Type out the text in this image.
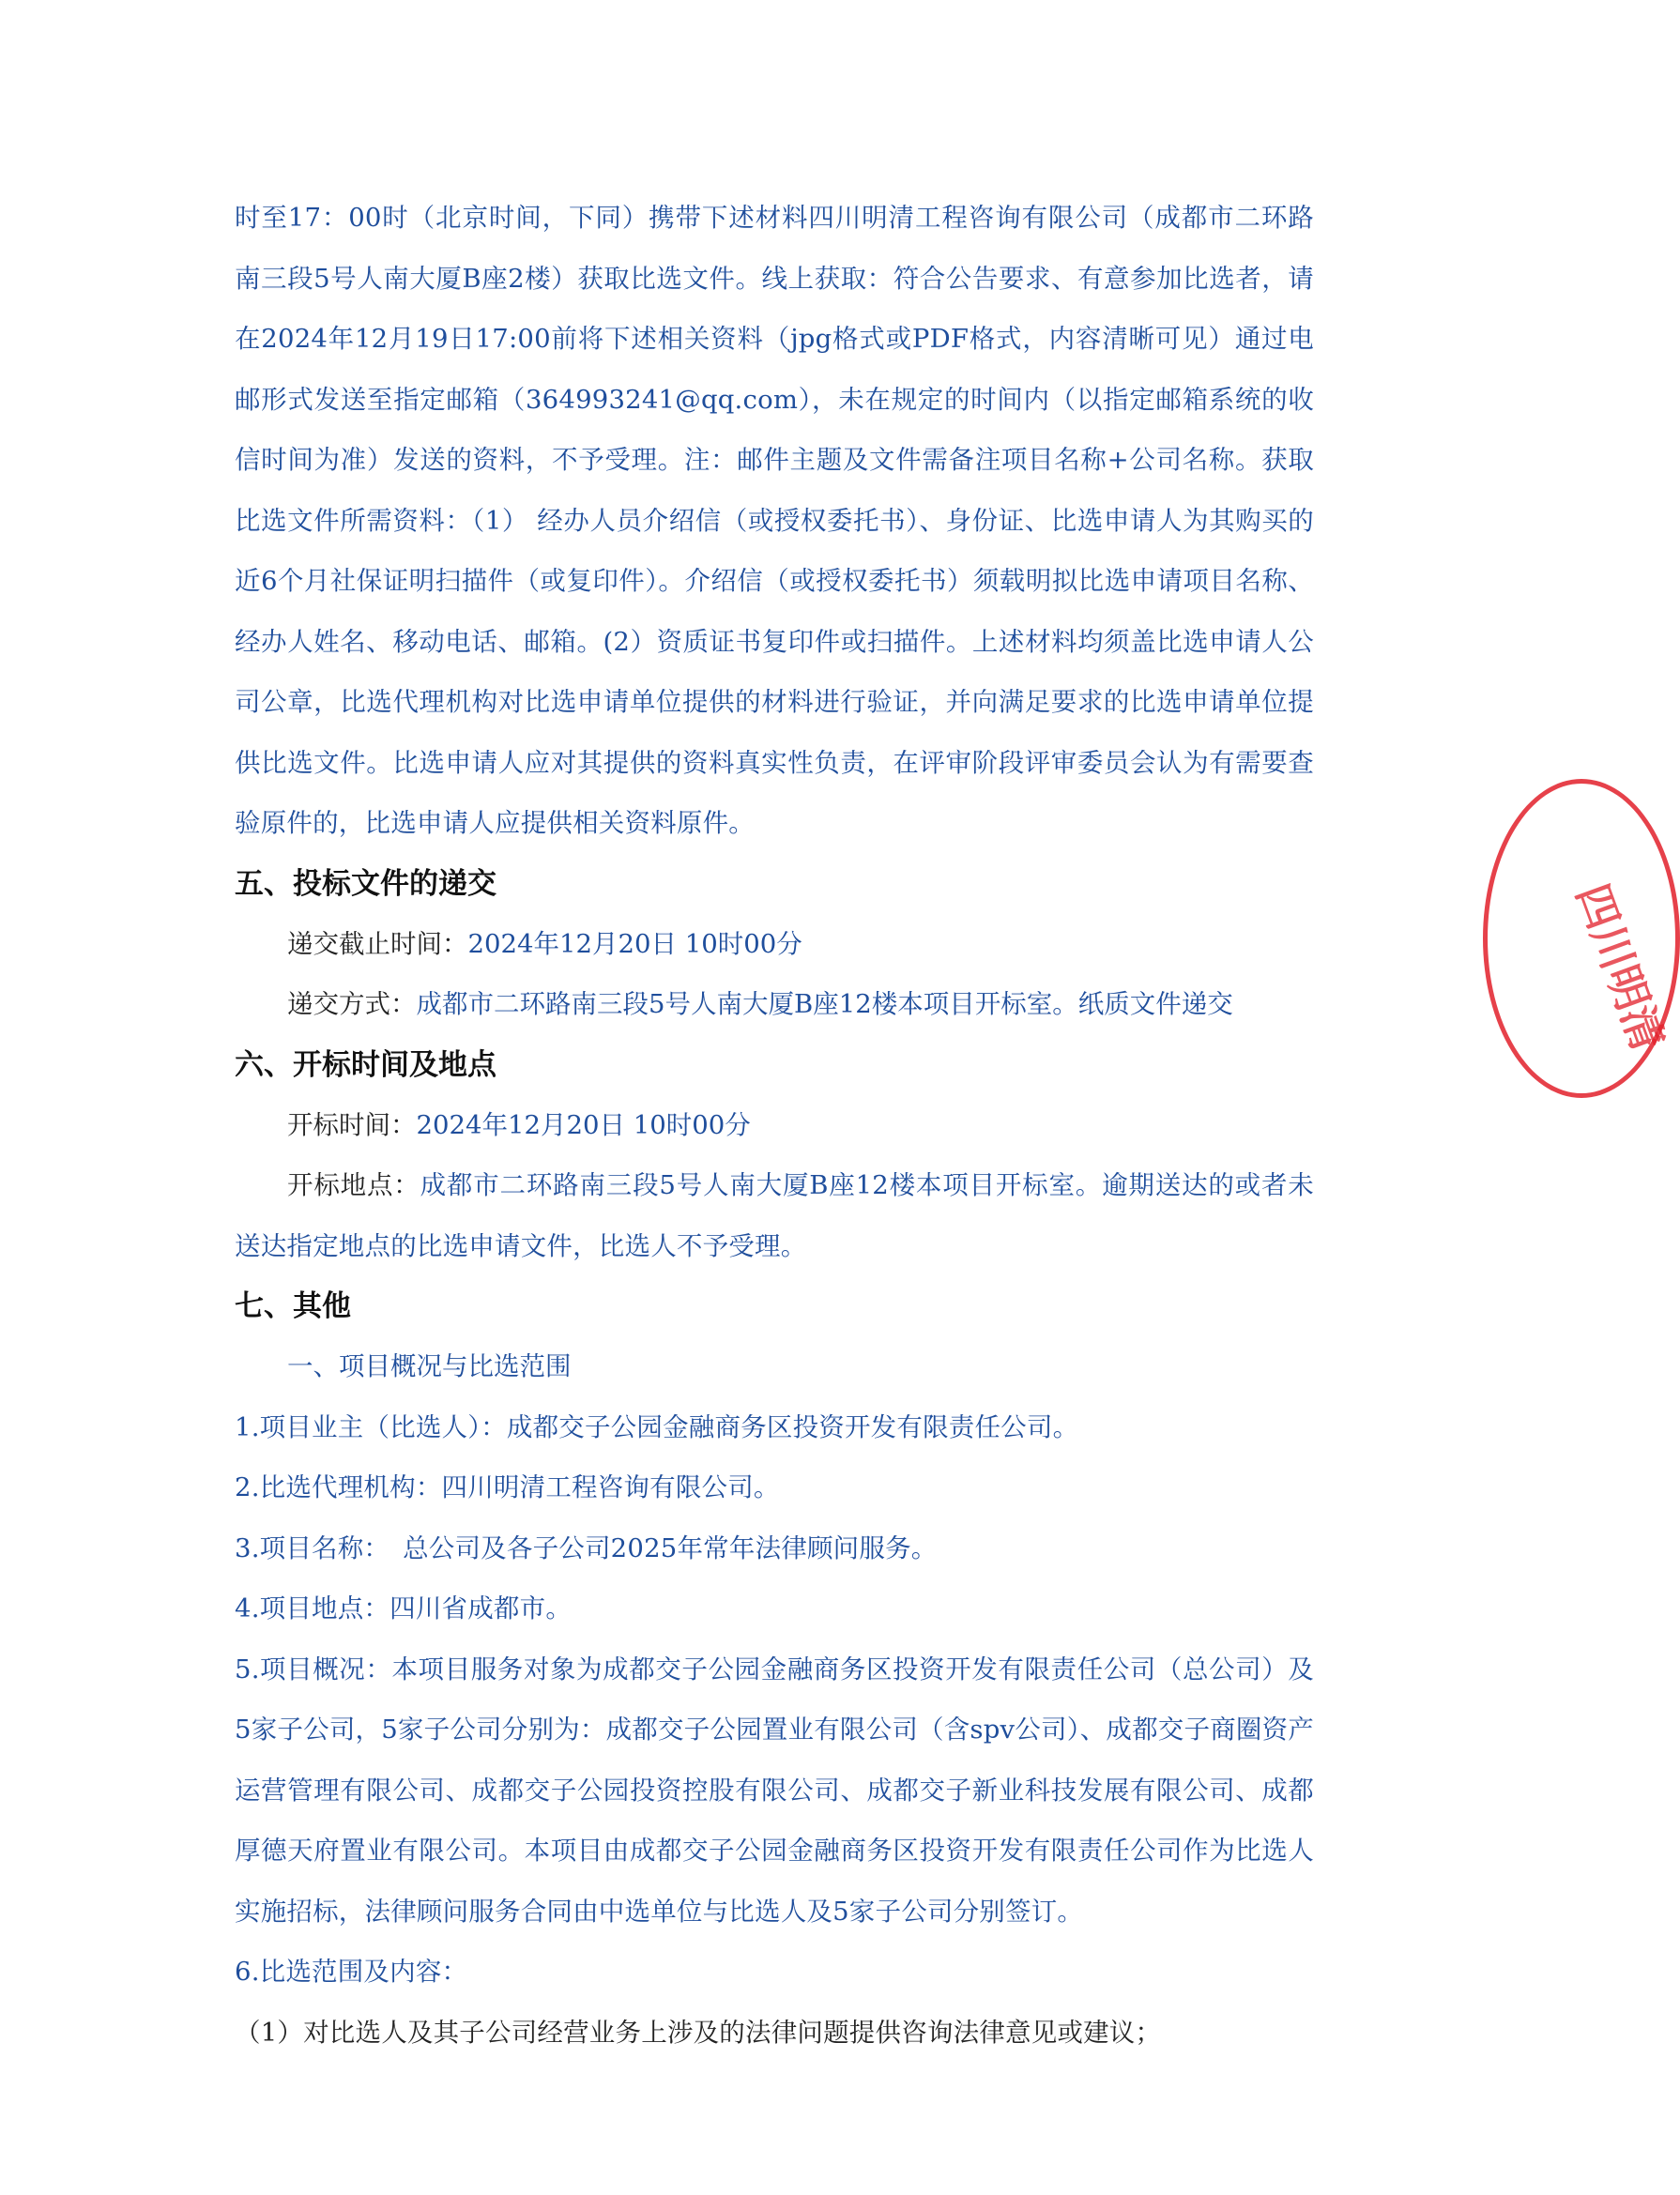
时至17：00时（北京时间，下同）携带下述材料四川明清工程咨询有限公司（成都市二环路南三段5号人南大厦B座2楼）获取比选文件。线上获取：符合公告要求、有意参加比选者，请在2024年12月19日17:00前将下述相关资料（jpg格式或PDF格式，内容清晰可见）通过电邮形式发送至指定邮箱（364993241@qq.com），未在规定的时间内（以指定邮箱系统的收信时间为准）发送的资料，不予受理。注：邮件主题及文件需备注项目名称+公司名称。获取比选文件所需资料：（1） 经办人员介绍信（或授权委托书）、身份证、比选申请人为其购买的近6个月社保证明扫描件（或复印件）。介绍信（或授权委托书）须载明拟比选申请项目名称、经办人姓名、移动电话、邮箱。(2）资质证书复印件或扫描件。上述材料均须盖比选申请人公司公章，比选代理机构对比选申请单位提供的材料进行验证，并向满足要求的比选申请单位提供比选文件。比选申请人应对其提供的资料真实性负责，在评审阶段评审委员会认为有需要查验原件的，比选申请人应提供相关资料原件。

五、投标文件的递交

递交截止时间：2024年12月20日 10时00分

递交方式：成都市二环路南三段5号人南大厦B座12楼本项目开标室。纸质文件递交

六、开标时间及地点

开标时间：2024年12月20日 10时00分

开标地点：成都市二环路南三段5号人南大厦B座12楼本项目开标室。逾期送达的或者未送达指定地点的比选申请文件，比选人不予受理。

七、其他

一、项目概况与比选范围

1.项目业主（比选人）：成都交子公园金融商务区投资开发有限责任公司。

2.比选代理机构：四川明清工程咨询有限公司。

3.项目名称：　总公司及各子公司2025年常年法律顾问服务。

4.项目地点：四川省成都市。

5.项目概况：本项目服务对象为成都交子公园金融商务区投资开发有限责任公司（总公司）及5家子公司，5家子公司分别为：成都交子公园置业有限公司（含spv公司）、成都交子商圈资产运营管理有限公司、成都交子公园投资控股有限公司、成都交子新业科技发展有限公司、成都厚德天府置业有限公司。本项目由成都交子公园金融商务区投资开发有限责任公司作为比选人实施招标，法律顾问服务合同由中选单位与比选人及5家子公司分别签订。

6.比选范围及内容：

（1）对比选人及其子公司经营业务上涉及的法律问题提供咨询法律意见或建议；

四川明清
